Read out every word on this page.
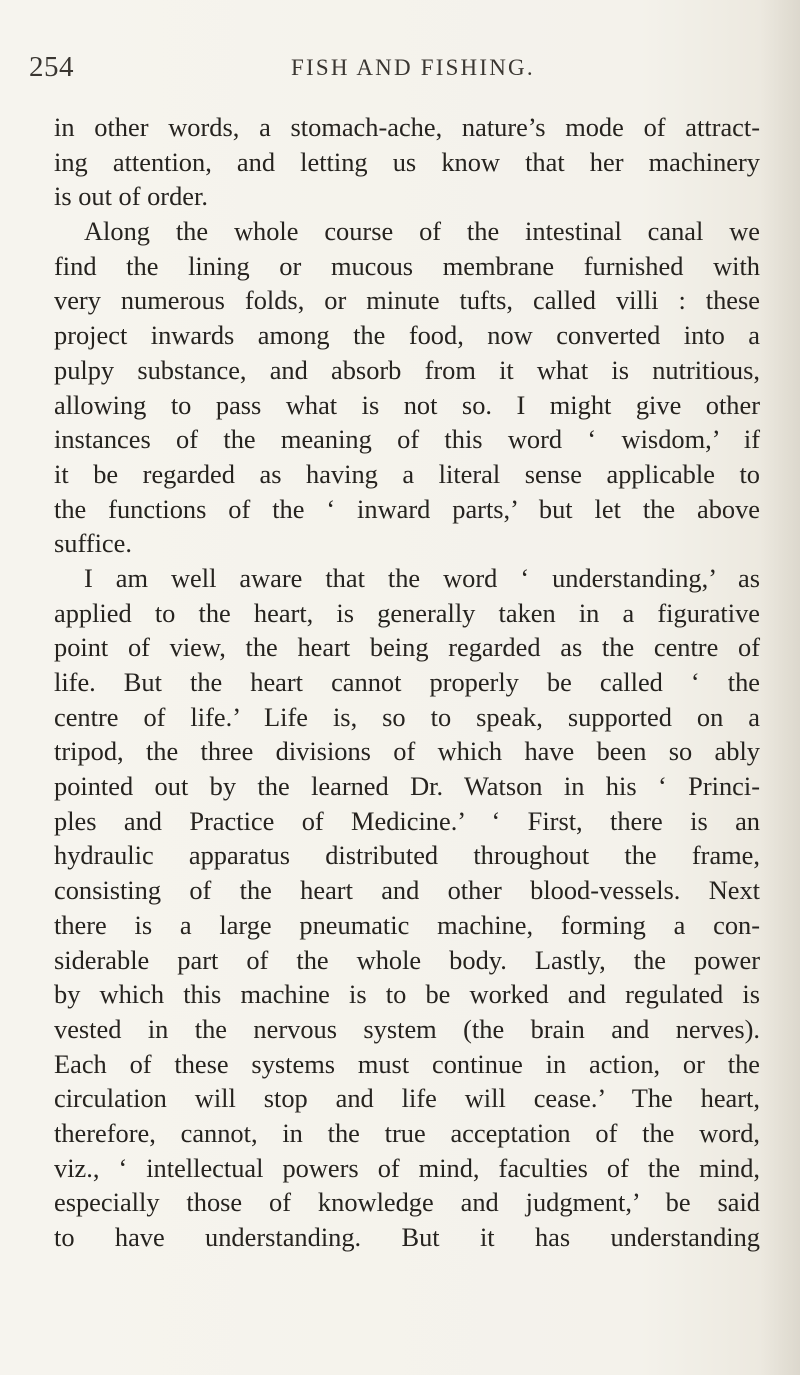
254	FISH AND FISHING.
in other words, a stomach-ache, nature’s mode of attract-
ing attention, and letting us know that her machinery
is out of order.
Along the whole course of the intestinal canal we
find the lining or mucous membrane furnished with
very numerous folds, or minute tufts, called villi : these
project inwards among the food, now converted into a
pulpy substance, and absorb from it what is nutritious,
allowing to pass what is not so. I might give other
instances of the meaning of this word ‘ wisdom,’ if
it be regarded as having a literal sense applicable to
the functions of the ‘ inward parts,’ but let the above
suffice.
I am well aware that the word ‘ understanding,’ as
applied to the heart, is generally taken in a figurative
point of view, the heart being regarded as the centre of
life. But the heart cannot properly be called ‘ the
centre of life.’ Life is, so to speak, supported on a
tripod, the three divisions of which have been so ably
pointed out by the learned Dr. Watson in his ‘ Princi-
ples and Practice of Medicine.’ ‘ First, there is an
hydraulic apparatus distributed throughout the frame,
consisting of the heart and other blood-vessels. Next
there is a large pneumatic machine, forming a con-
siderable part of the whole body. Lastly, the power
by which this machine is to be worked and regulated is
vested in the nervous system (the brain and nerves).
Each of these systems must continue in action, or the
circulation will stop and life will cease.’ The heart,
therefore, cannot, in the true acceptation of the word,
viz., ‘ intellectual powers of mind, faculties of the mind,
especially those of knowledge and judgment,’ be said
to have understanding. But it has understanding
